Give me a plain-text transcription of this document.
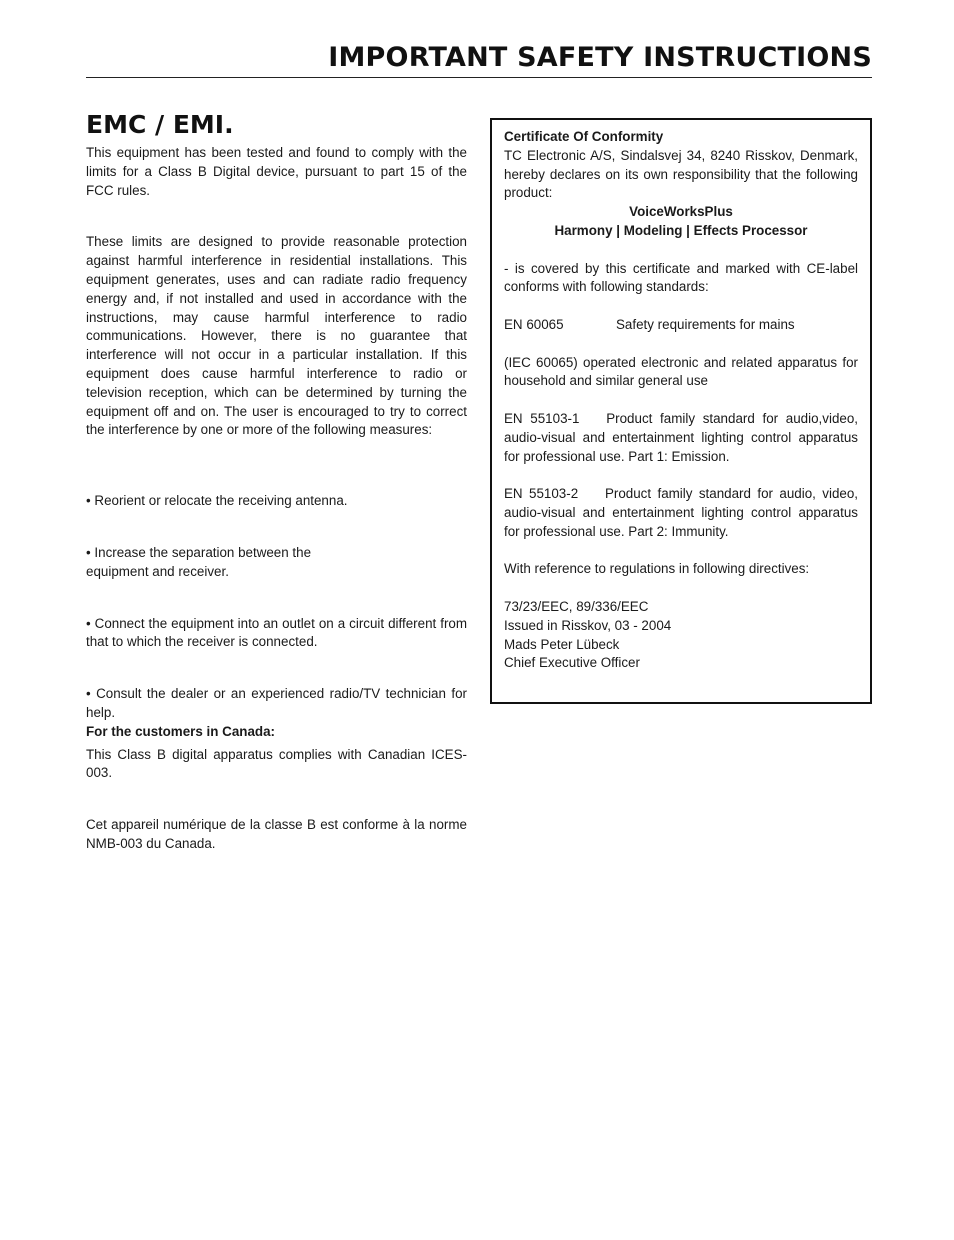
IMPORTANT SAFETY INSTRUCTIONS
EMC / EMI.

This equipment has been tested and found to comply with the limits for a Class B Digital device, pursuant to part 15 of the FCC rules.

These limits are designed to provide reasonable protection against harmful interference in residential installations. This equipment generates, uses and can radiate radio frequency energy and, if not installed and used in accordance with the instructions, may cause harmful interference to radio communications. However, there is no guarantee that interference will not occur in a particular installation. If this equipment does cause harmful interference to radio or television reception, which can be determined by turning the equipment off and on. The user is encouraged to try to correct the interference by one or more of the following measures:

• Reorient or relocate the receiving antenna.

• Increase the separation between the

equipment and receiver.

• Connect the equipment into an outlet on a circuit different from that to which the receiver is connected.

• Consult the dealer or an experienced radio/TV technician for help.

For the customers in Canada:

This Class B digital apparatus complies with Canadian ICES-003.

Cet appareil numérique de la classe B est conforme à la norme NMB-003 du Canada.

Certificate Of Conformity

TC Electronic A/S, Sindalsvej 34, 8240 Risskov, Denmark, hereby declares on its own responsibility that the following product:

VoiceWorksPlus

Harmony | Modeling | Effects Processor

- is covered by this certificate and marked with CE-label conforms with following standards:

EN 60065	Safety requirements for mains

(IEC 60065) operated electronic and related apparatus for household and similar general use

EN 55103-1   Product family standard for audio,video, audio-visual and entertainment lighting control apparatus for professional use. Part 1: Emission.

EN 55103-2   Product family standard for audio, video, audio-visual and entertainment lighting control apparatus for professional use. Part 2: Immunity.

With reference to regulations in following directives:

73/23/EEC, 89/336/EEC

Issued in Risskov, 03 - 2004

Mads Peter Lübeck

Chief Executive Officer
